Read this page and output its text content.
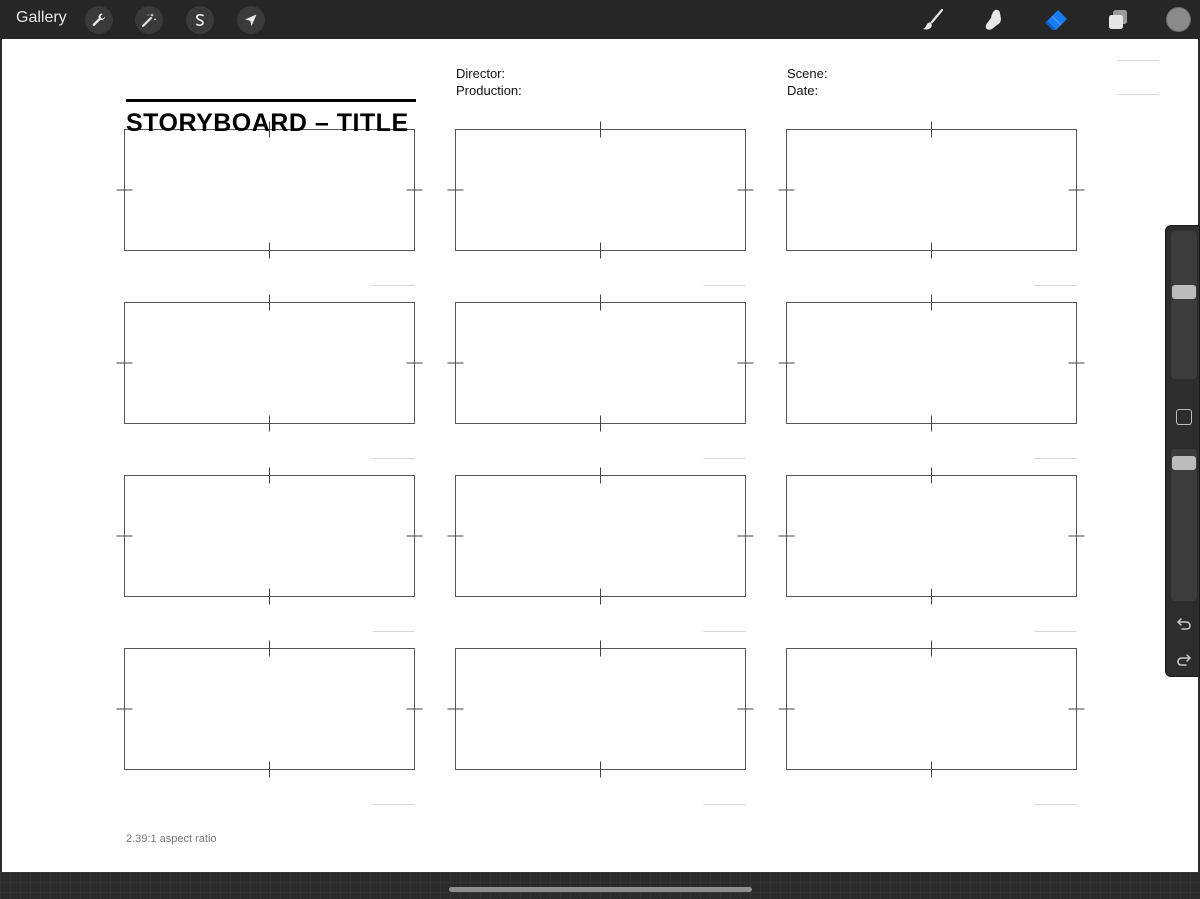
Gallery
STORYBOARD – TITLE
Director:
Production:
Scene:
Date:
2.39:1 aspect ratio
